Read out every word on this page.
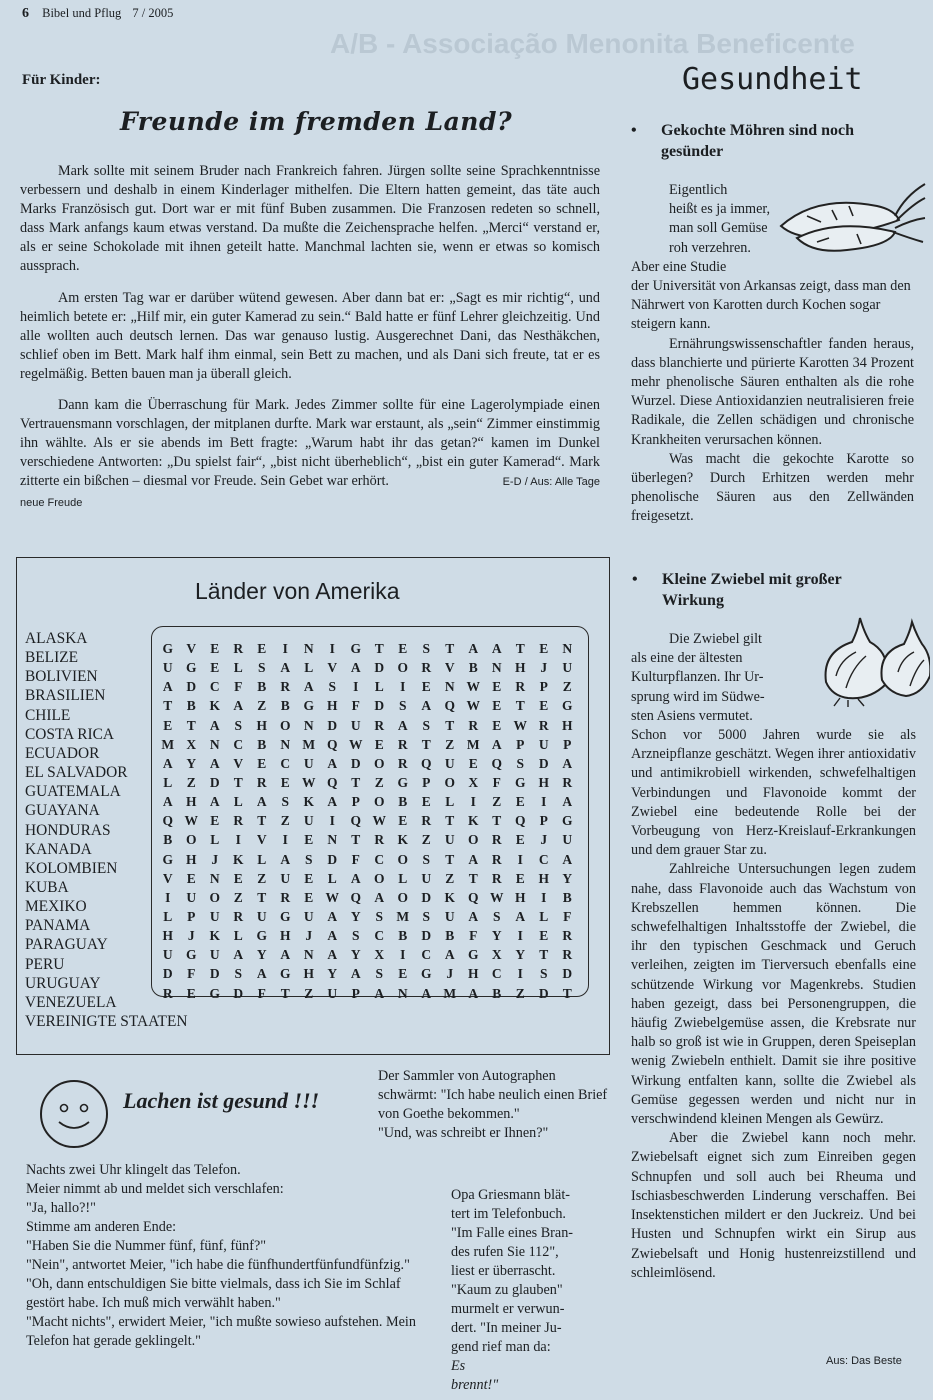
A/B - Associação Menonita Beneficente
6 Bibel und Pflug 7 / 2005
Für Kinder:
Freunde im fremden Land?

Mark sollte mit seinem Bruder nach Frankreich fahren. Jürgen sollte seine Sprachkenntnisse verbessern und deshalb in einem Kinderlager mithelfen. Die Eltern hatten gemeint, das täte auch Marks Französisch gut. Dort war er mit fünf Buben zusammen. Die Franzosen redeten so schnell, dass Mark anfangs kaum etwas verstand. Da mußte die Zeichensprache helfen. „Merci“ verstand er, als er seine Schokolade mit ihnen geteilt hatte. Manchmal lachten sie, wenn er etwas so komisch aussprach.

Am ersten Tag war er darüber wütend gewesen. Aber dann bat er: „Sagt es mir richtig“, und heimlich betete er: „Hilf mir, ein guter Kamerad zu sein.“ Bald hatte er fünf Lehrer gleichzeitig. Und alle wollten auch deutsch lernen. Das war genauso lustig. Ausgerechnet Dani, das Nesthäkchen, schlief oben im Bett. Mark half ihm einmal, sein Bett zu machen, und als Dani sich freute, tat er es regelmäßig. Betten bauen man ja überall gleich.

Dann kam die Überraschung für Mark. Jedes Zimmer sollte für eine Lagerolympiade einen Vertrauensmann vorschlagen, der mitplanen durfte. Mark war erstaunt, als „sein“ Zimmer einstimmig ihn wählte. Als er sie abends im Bett fragte: „Warum habt ihr das getan?“ kamen im Dunkel verschiedene Antworten: „Du spielst fair“, „bist nicht überheblich“, „bist ein guter Kamerad“. Mark zitterte ein bißchen – diesmal vor Freude. Sein Gebet war erhört.	E-D / Aus: Alle Tage neue Freude

Länder von Amerika
ALASKA
BELIZE
BOLIVIEN
BRASILIEN
CHILE
COSTA RICA
ECUADOR
EL SALVADOR
GUATEMALA
GUAYANA
HONDURAS
KANADA
KOLOMBIEN
KUBA
MEXIKO
PANAMA
PARAGUAY
PERU
URUGUAY
VENEZUELA
VEREINIGTE STAATEN
G V	E	R	E	I	N	I	G	T	E	S	T	A	A	T	E	N
U G	E	L	S	A	L	V	A	D O R	V	B	N H	J	U
A	D	C	F	B	R	A	S	I	L	I	E	N W E	R	P	Z
T	B	K A	Z	B	G H	F	D	S	A Q W E	T	E	G
E	T	A	S	H O N	D	U	R	A	S	T	R	E W R H
M X	N	C	B	N M Q W E	R	T	Z M A	P	U	P
A	Y	A	V	E	C	U	A	D O R Q U	E	Q	S	D	A
L	Z	D	T	R	E W Q	T	Z	G	P	O X	F	G H R
A H A	L	A	S	K A	P	O	B	E	L	I	Z	E	I	A
Q W E	R	T	Z	U	I	Q W E	R	T	K	T	Q	P	G
B	O	L	I	V	I	E	N	T	R K	Z	U O R	E	J	U
G H	J	K	L	A	S	D	F	C O	S	T	A	R	I	C	A
V	E	N	E	Z	U	E	L	A O	L	U	Z	T	R	E	H Y
I	U O	Z	T	R	E W Q A O D K Q W H	I	B
L	P	U	R	U G U	A	Y	S M S	U	A	S	A	L	F
H	J	K	L	G H	J	A	S	C	B	D	B	F	Y	I	E	R
U G U	A	Y	A	N	A	Y	X	I	C	A G X	Y	T	R
D	F	D	S	A G H Y	A	S	E	G	J	H C	I	S	D
R	E	G D	F	T	Z	U	P	A	N	A M A	B	Z	D	T
Lachen ist gesund !!!
Der Sammler von Autographen schwärmt: "Ich habe neulich einen Brief von Goethe bekommen."
"Und, was schreibt er Ihnen?"
Nachts zwei Uhr klingelt das Telefon.
Meier nimmt ab und meldet sich verschlafen:
"Ja, hallo?!"
Stimme am anderen Ende:
"Haben Sie die Nummer fünf, fünf, fünf?"
"Nein", antwortet Meier, "ich habe die fünfhundertfünfundfünfzig."
"Oh, dann entschuldigen Sie bitte vielmals, dass ich Sie im Schlaf gestört habe. Ich muß mich verwählt haben."
"Macht nichts", erwidert Meier, "ich mußte sowieso aufstehen. Mein Telefon hat gerade geklingelt."
Opa Griesmann blät-
tert im Telefonbuch.
"Im Falle eines Bran-
des rufen Sie 112",
liest er überrascht.
"Kaum zu glauben"
murmelt er verwun-
dert. "In meiner Ju-
gend rief man da:
Es
brennt!"
Gesundheit
• Gekochte Möhren sind noch gesünder
Eigentlich
heißt es ja immer,
man soll Gemüse
roh verzehren.
Aber eine Studie

der Universität von Arkansas zeigt, dass man den Nährwert von Karotten durch Kochen sogar steigern kann.

Ernährungswissenschaftler fanden heraus, dass blanchierte und pürierte Karotten 34 Prozent mehr phenolische Säuren enthalten als die rohe Wurzel. Diese Antioxidanzien neutralisieren freie Radikale, die Zellen schädigen und chronische Krankheiten verursachen können.

Was macht die gekochte Karotte so überlegen? Durch Erhitzen werden mehr phenolische Säuren aus den Zellwänden freigesetzt.

• Kleine Zwiebel mit großer Wirkung
Die Zwiebel gilt
als eine der ältesten
Kulturpflanzen. Ihr Ur-
sprung wird im Südwe-
sten Asiens vermutet.

Schon vor 5000 Jahren wurde sie als Arzneipflanze geschätzt. Wegen ihrer antioxidativ und antimikrobiell wirkenden, schwefelhaltigen Verbindungen und Flavonoide kommt der Zwiebel eine bedeutende Rolle bei der Vorbeugung von Herz-Kreislauf-Erkrankungen und dem grauer Star zu.

Zahlreiche Untersuchungen legen zudem nahe, dass Flavonoide auch das Wachstum von Krebszellen hemmen können. Die schwefelhaltigen Inhaltsstoffe der Zwiebel, die ihr den typischen Geschmack und Geruch verleihen, zeigten im Tierversuch ebenfalls eine schützende Wirkung vor Magenkrebs. Studien haben gezeigt, dass bei Personengruppen, die häufig Zwiebelgemüse assen, die Krebsrate nur halb so groß ist wie in Gruppen, deren Speiseplan wenig Zwiebeln enthielt. Damit sie ihre positive Wirkung entfalten kann, sollte die Zwiebel als Gemüse gegessen werden und nicht nur in verschwindend kleinen Mengen als Gewürz.

Aber die Zwiebel kann noch mehr. Zwiebelsaft eignet sich zum Einreiben gegen Schnupfen und soll auch bei Rheuma und Ischiasbeschwerden Linderung verschaffen. Bei Insektenstichen mildert er den Juckreiz. Und bei Husten und Schnupfen wirkt ein Sirup aus Zwiebelsaft und Honig hustenreizstillend und schleimlösend.

Aus: Das Beste
